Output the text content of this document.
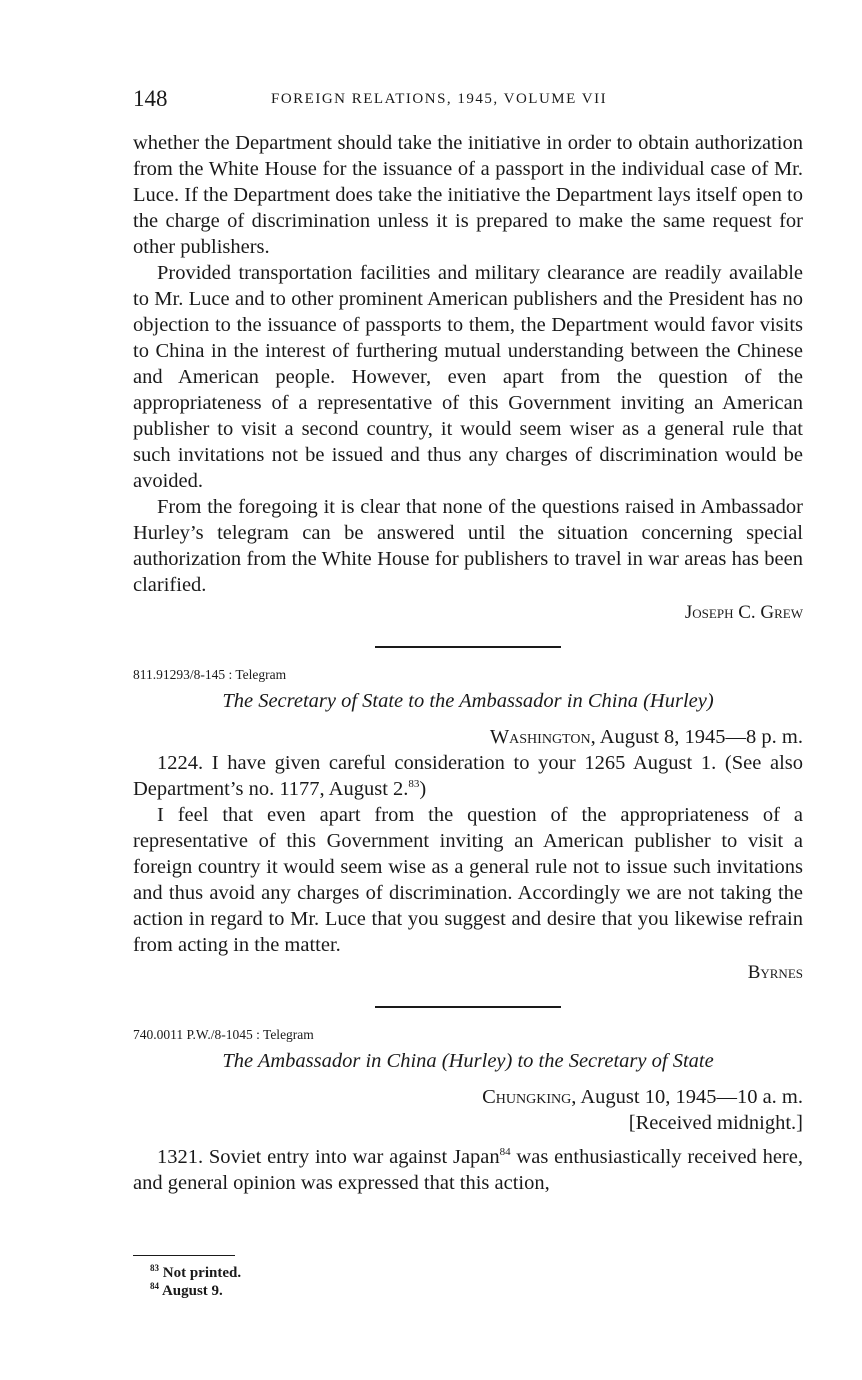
148	FOREIGN RELATIONS, 1945, VOLUME VII

whether the Department should take the initiative in order to obtain authorization from the White House for the issuance of a passport in the individual case of Mr. Luce. If the Department does take the initiative the Department lays itself open to the charge of discrimination unless it is prepared to make the same request for other publishers.

Provided transportation facilities and military clearance are readily available to Mr. Luce and to other prominent American publishers and the President has no objection to the issuance of passports to them, the Department would favor visits to China in the interest of furthering mutual understanding between the Chinese and American people. However, even apart from the question of the appropriateness of a representative of this Government inviting an American publisher to visit a second country, it would seem wiser as a general rule that such invitations not be issued and thus any charges of discrimination would be avoided.

From the foregoing it is clear that none of the questions raised in Ambassador Hurley’s telegram can be answered until the situation concerning special authorization from the White House for publishers to travel in war areas has been clarified.

Joseph C. Grew
811.91293/8-145 : Telegram
The Secretary of State to the Ambassador in China (Hurley)
Washington, August 8, 1945—8 p. m.

1224. I have given careful consideration to your 1265 August 1. (See also Department’s no. 1177, August 2.83)

I feel that even apart from the question of the appropriateness of a representative of this Government inviting an American publisher to visit a foreign country it would seem wise as a general rule not to issue such invitations and thus avoid any charges of discrimination. Accordingly we are not taking the action in regard to Mr. Luce that you suggest and desire that you likewise refrain from acting in the matter.

Byrnes
740.0011 P.W./8-1045 : Telegram
The Ambassador in China (Hurley) to the Secretary of State
Chungking, August 10, 1945—10 a. m.
[Received midnight.]

1321. Soviet entry into war against Japan$^{84}$ was enthusiastically received here, and general opinion was expressed that this action,

$^{83}$ Not printed.
$^{84}$ August 9.
